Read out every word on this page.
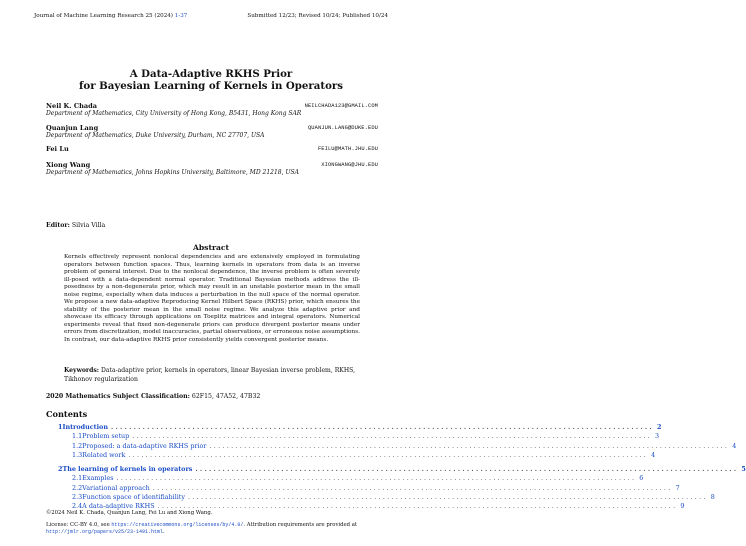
Journal of Machine Learning Research 25 (2024) 1-37	Submitted 12/23; Revised 10/24; Published 10/24
A Data-Adaptive RKHS Prior
for Bayesian Learning of Kernels in Operators
Neil K. Chada	NEILCHADA123@GMAIL.COM
Department of Mathematics, City University of Hong Kong, B5431, Hong Kong SAR
Quanjun Lang	QUANJUN.LANG@DUKE.EDU
Department of Mathematics, Duke University, Durham, NC 27707, USA
Fei Lu	FEILU@MATH.JHU.EDU
Xiong Wang	XIONGWANG@JHU.EDU
Department of Mathematics, Johns Hopkins University, Baltimore, MD 21218, USA
Editor: Silvia Villa
Abstract
Kernels effectively represent nonlocal dependencies and are extensively employed in formulating operators between function spaces. Thus, learning kernels in operators from data is an inverse problem of general interest. Due to the nonlocal dependence, the inverse problem is often severely ill-posed with a data-dependent normal operator. Traditional Bayesian methods address the ill-posedness by a non-degenerate prior, which may result in an unstable posterior mean in the small noise regime, especially when data induces a perturbation in the null space of the normal operator. We propose a new data-adaptive Reproducing Kernel Hilbert Space (RKHS) prior, which ensures the stability of the posterior mean in the small noise regime. We analyze this adaptive prior and showcase its efficacy through applications on Toeplitz matrices and integral operators. Numerical experiments reveal that fixed non-degenerate priors can produce divergent posterior means under errors from discretization, model inaccuracies, partial observations, or erroneous noise assumptions. In contrast, our data-adaptive RKHS prior consistently yields convergent posterior means.
Keywords: Data-adaptive prior, kernels in operators, linear Bayesian inverse problem, RKHS, Tikhonov regularization
2020 Mathematics Subject Classification: 62F15, 47A52, 47B32
Contents
1 Introduction ........................................................................................................................ 2
1.1 Problem setup ........................................................................................................................ 3
1.2 Proposed: a data-adaptive RKHS prior ........................................................................................................................ 4
1.3 Related work ........................................................................................................................ 4
2 The learning of kernels in operators ........................................................................................................................ 5
2.1 Examples ........................................................................................................................ 6
2.2 Variational approach ........................................................................................................................ 7
2.3 Function space of identifiability ........................................................................................................................ 8
2.4 A data-adaptive RKHS ........................................................................................................................ 9
©2024 Neil K. Chada, Quanjun Lang, Fei Lu and Xiong Wang.
License: CC-BY 4.0, see https://creativecommons.org/licenses/by/4.0/. Attribution requirements are provided at http://jmlr.org/papers/v25/23-1491.html.
